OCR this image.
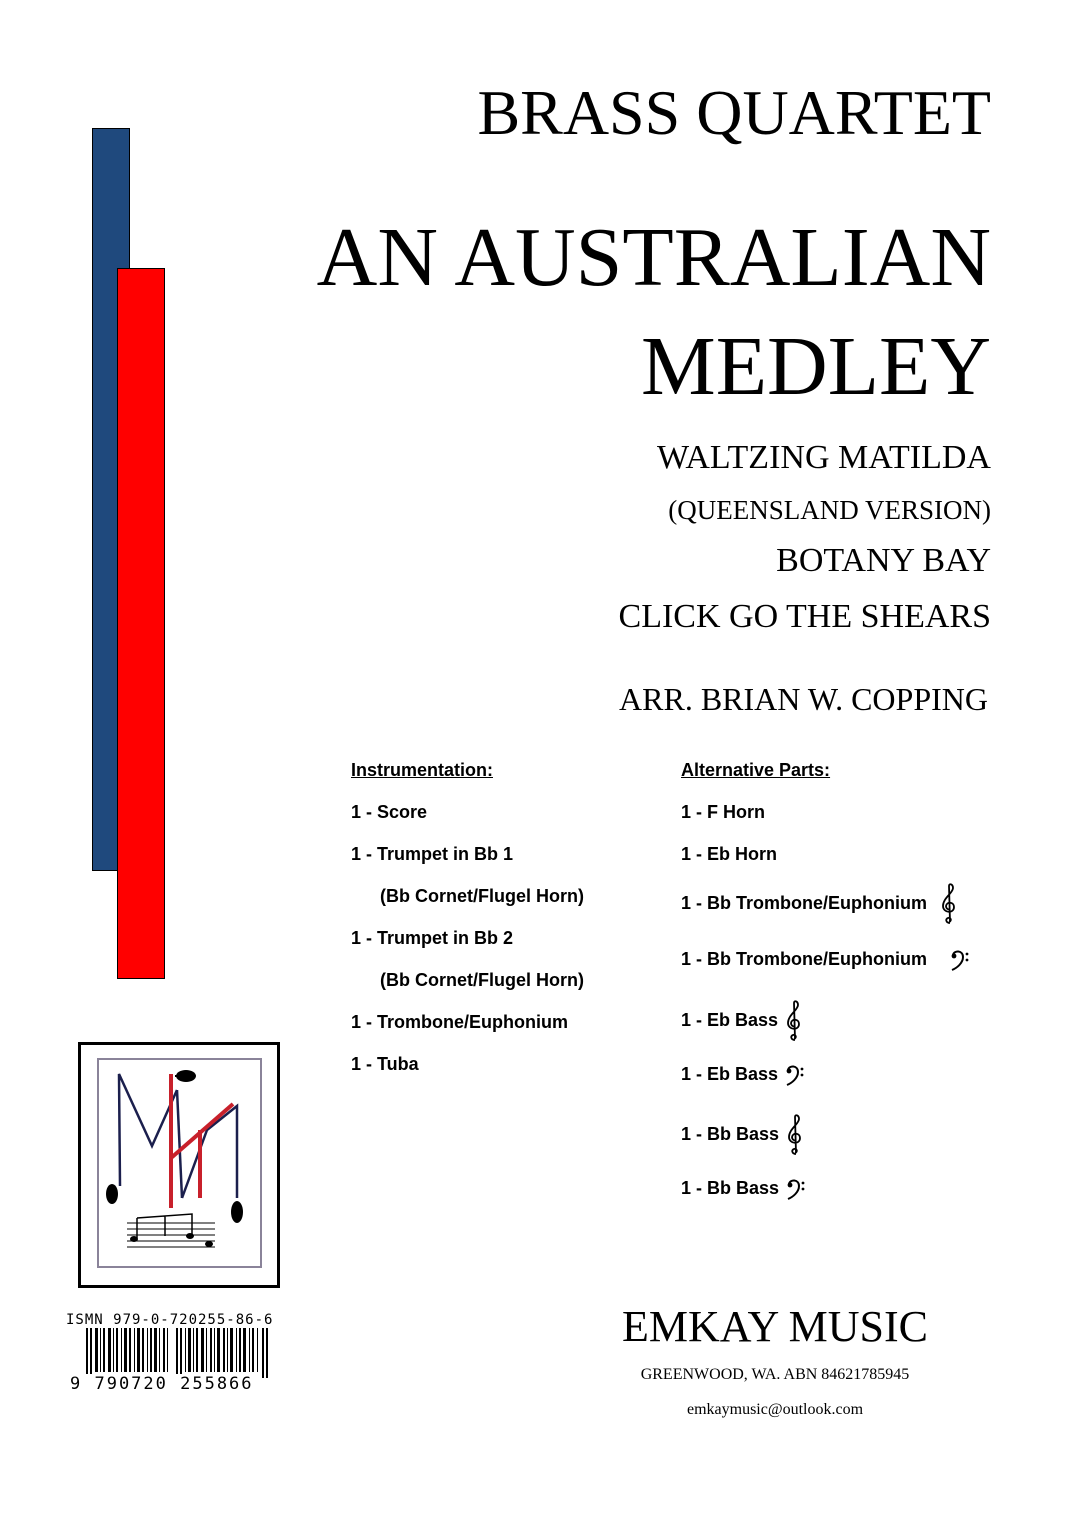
BRASS QUARTET
AN AUSTRALIAN
MEDLEY
WALTZING MATILDA
(QUEENSLAND VERSION)
BOTANY BAY
CLICK GO THE SHEARS
ARR. BRIAN W. COPPING
Instrumentation:
1 - Score
1 - Trumpet in Bb 1
(Bb Cornet/Flugel Horn)
1 - Trumpet in Bb 2
(Bb Cornet/Flugel Horn)
1 - Trombone/Euphonium
1 - Tuba
Alternative Parts:
1 - F Horn
1 - Eb Horn
1 - Bb Trombone/Euphonium
1 - Bb Trombone/Euphonium
1 - Eb Bass
1 - Eb Bass
1 - Bb Bass
1 - Bb Bass
ISMN 979-0-720255-86-6
9 790720 255866
EMKAY MUSIC
GREENWOOD, WA. ABN 84621785945
emkaymusic@outlook.com
